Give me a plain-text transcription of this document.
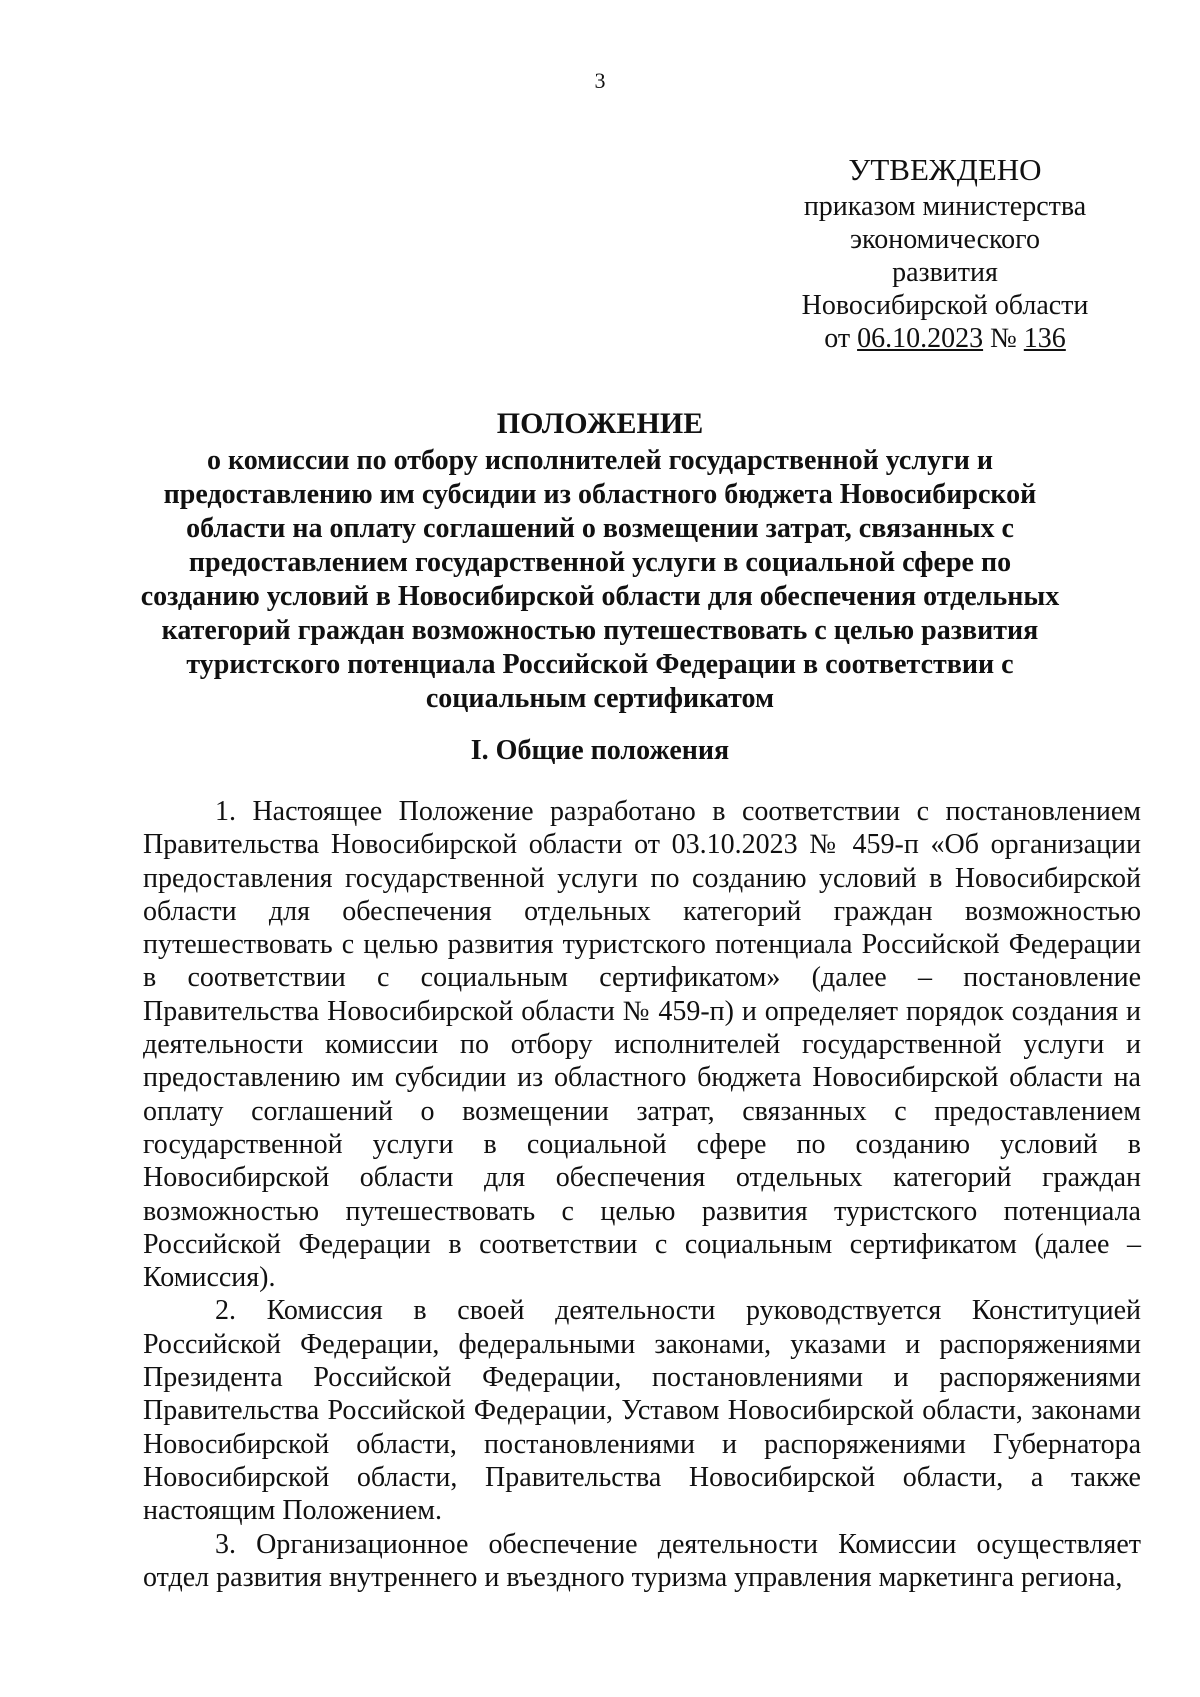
3
УТВЕЖДЕНО
приказом министерства
экономического развития
Новосибирской области
от 06.10.2023 № 136
ПОЛОЖЕНИЕ
о комиссии по отбору исполнителей государственной услуги и предоставлению им субсидии из областного бюджета Новосибирской области на оплату соглашений о возмещении затрат, связанных с предоставлением государственной услуги в социальной сфере по созданию условий в Новосибирской области для обеспечения отдельных категорий граждан возможностью путешествовать с целью развития туристского потенциала Российской Федерации в соответствии с социальным сертификатом
I. Общие положения

1. Настоящее Положение разработано в соответствии с постановлением Правительства Новосибирской области от 03.10.2023 № 459-п «Об организации предоставления государственной услуги по созданию условий в Новосибирской области для обеспечения отдельных категорий граждан возможностью путешествовать с целью развития туристского потенциала Российской Федерации в соответствии с социальным сертификатом» (далее – постановление Правительства Новосибирской области № 459-п) и определяет порядок создания и деятельности комиссии по отбору исполнителей государственной услуги и предоставлению им субсидии из областного бюджета Новосибирской области на оплату соглашений о возмещении затрат, связанных с предоставлением государственной услуги в социальной сфере по созданию условий в Новосибирской области для обеспечения отдельных категорий граждан возможностью путешествовать с целью развития туристского потенциала Российской Федерации в соответствии с социальным сертификатом (далее – Комиссия).

2. Комиссия в своей деятельности руководствуется Конституцией Российской Федерации, федеральными законами, указами и распоряжениями Президента Российской Федерации, постановлениями и распоряжениями Правительства Российской Федерации, Уставом Новосибирской области, законами Новосибирской области, постановлениями и распоряжениями Губернатора Новосибирской области, Правительства Новосибирской области, а также настоящим Положением.

3. Организационное обеспечение деятельности Комиссии осуществляет отдел развития внутреннего и въездного туризма управления маркетинга региона,
